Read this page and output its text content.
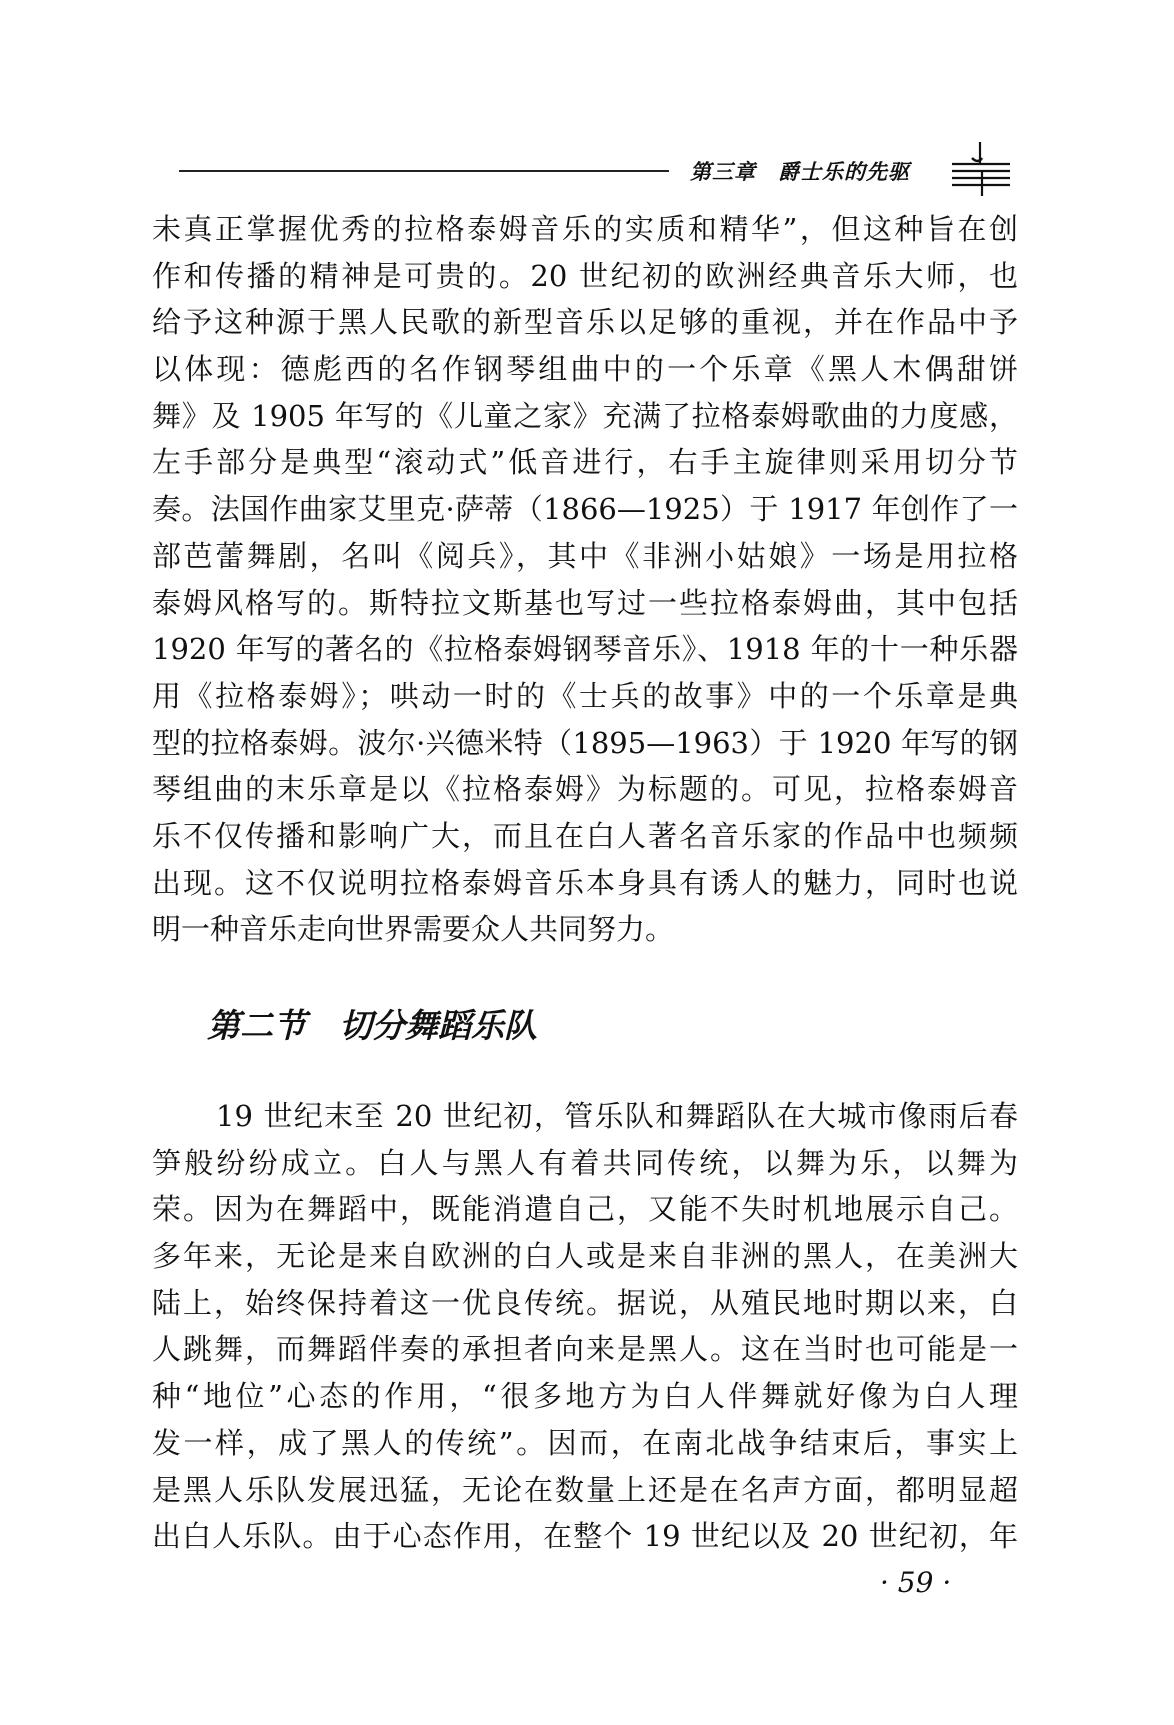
第三章　爵士乐的先驱
未真正掌握优秀的拉格泰姆音乐的实质和精华”，但这种旨在创
作和传播的精神是可贵的。20 世纪初的欧洲经典音乐大师，也
给予这种源于黑人民歌的新型音乐以足够的重视，并在作品中予
以体现：德彪西的名作钢琴组曲中的一个乐章《黑人木偶甜饼
舞》及 1905 年写的《儿童之家》充满了拉格泰姆歌曲的力度感，
左手部分是典型“滚动式”低音进行，右手主旋律则采用切分节
奏。法国作曲家艾里克·萨蒂（1866—1925）于 1917 年创作了一
部芭蕾舞剧，名叫《阅兵》，其中《非洲小姑娘》一场是用拉格
泰姆风格写的。斯特拉文斯基也写过一些拉格泰姆曲，其中包括
1920 年写的著名的《拉格泰姆钢琴音乐》、1918 年的十一种乐器
用《拉格泰姆》；哄动一时的《士兵的故事》中的一个乐章是典
型的拉格泰姆。波尔·兴德米特（1895—1963）于 1920 年写的钢
琴组曲的末乐章是以《拉格泰姆》为标题的。可见，拉格泰姆音
乐不仅传播和影响广大，而且在白人著名音乐家的作品中也频频
出现。这不仅说明拉格泰姆音乐本身具有诱人的魅力，同时也说
明一种音乐走向世界需要众人共同努力。
第二节　切分舞蹈乐队
19 世纪末至 20 世纪初，管乐队和舞蹈队在大城市像雨后春
笋般纷纷成立。白人与黑人有着共同传统，以舞为乐，以舞为
荣。因为在舞蹈中，既能消遣自己，又能不失时机地展示自己。
多年来，无论是来自欧洲的白人或是来自非洲的黑人，在美洲大
陆上，始终保持着这一优良传统。据说，从殖民地时期以来，白
人跳舞，而舞蹈伴奏的承担者向来是黑人。这在当时也可能是一
种“地位”心态的作用，“很多地方为白人伴舞就好像为白人理
发一样，成了黑人的传统”。因而，在南北战争结束后，事实上
是黑人乐队发展迅猛，无论在数量上还是在名声方面，都明显超
出白人乐队。由于心态作用，在整个 19 世纪以及 20 世纪初，年
· 59 ·
